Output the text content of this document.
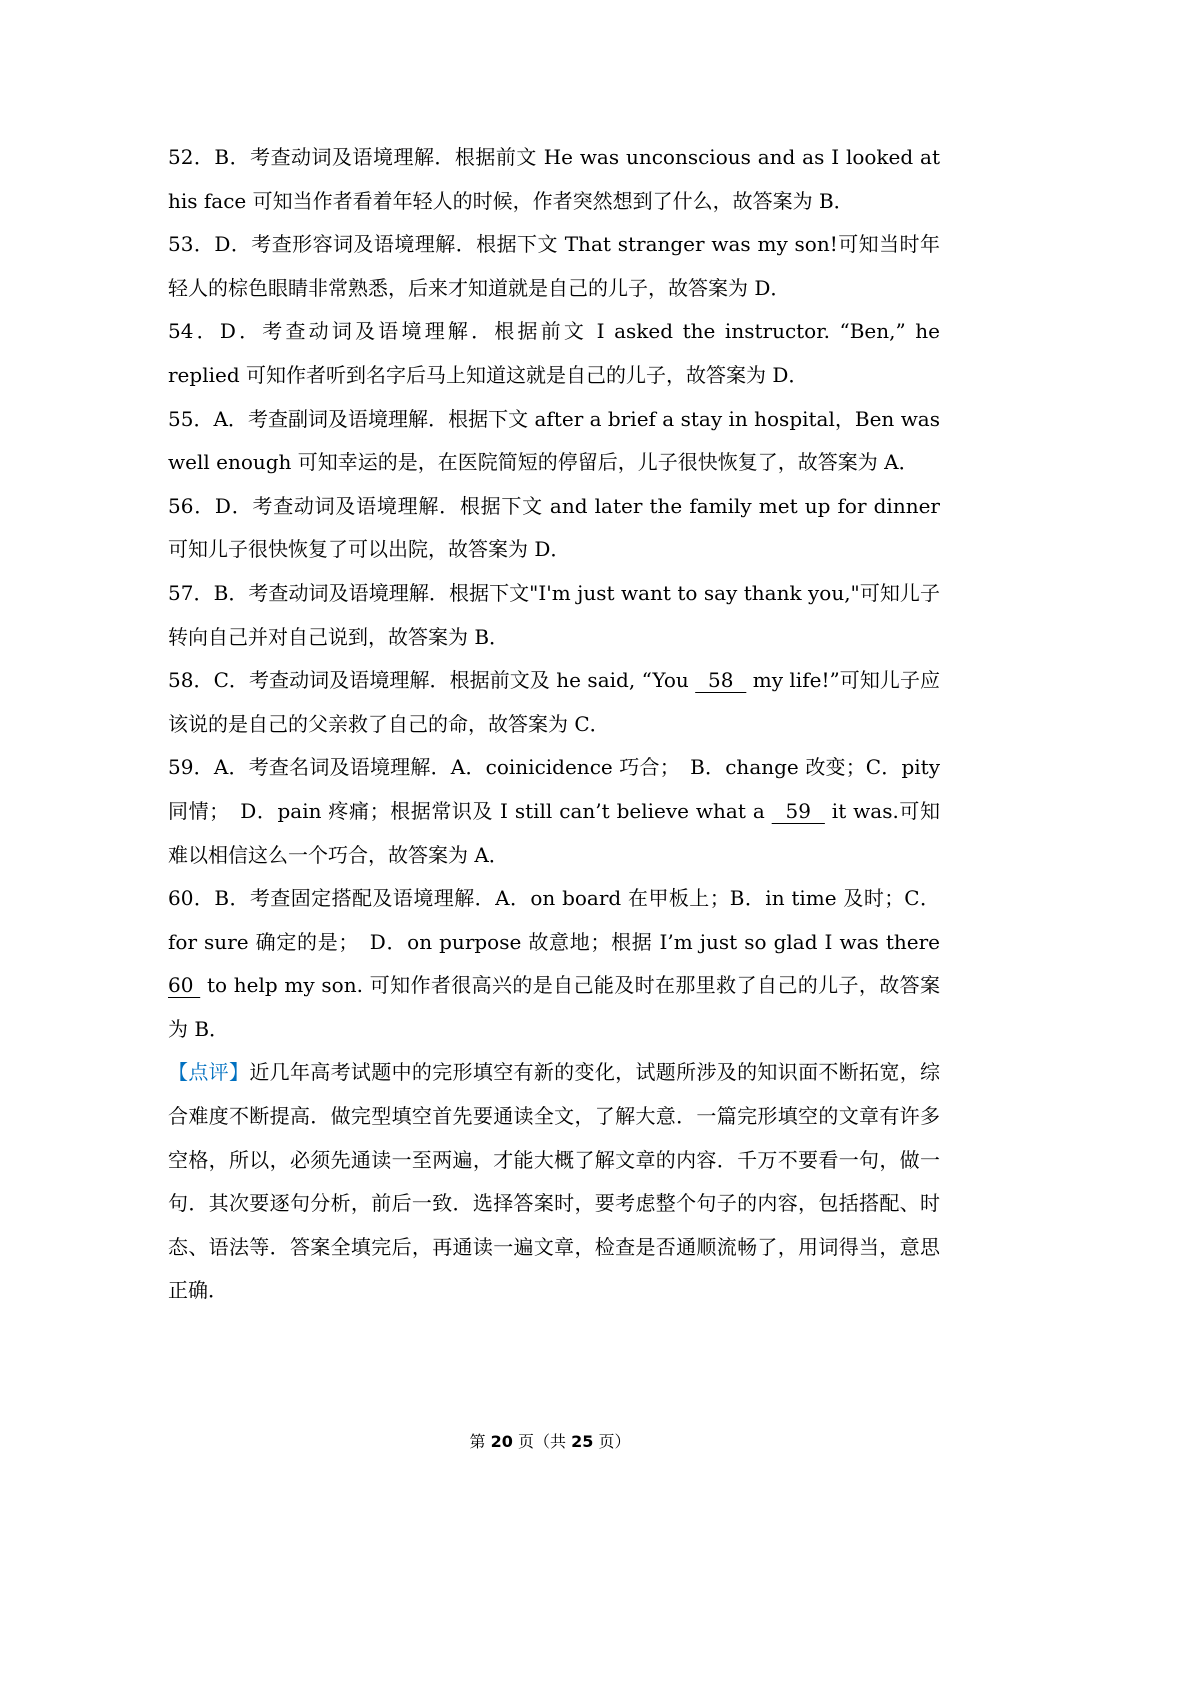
52．B．考查动词及语境理解．根据前文 He was unconscious and as I looked at his face 可知当作者看着年轻人的时候，作者突然想到了什么，故答案为 B．

53．D．考查形容词及语境理解．根据下文 That stranger was my son!可知当时年轻人的棕色眼睛非常熟悉，后来才知道就是自己的儿子，故答案为 D．

54．D．考查动词及语境理解．根据前文 I asked the instructor. “Ben,” he replied 可知作者听到名字后马上知道这就是自己的儿子，故答案为 D．

55．A．考查副词及语境理解．根据下文 after a brief a stay in hospital，Ben was well enough 可知幸运的是，在医院简短的停留后，儿子很快恢复了，故答案为 A．

56．D．考查动词及语境理解．根据下文 and later the family met up for dinner 可知儿子很快恢复了可以出院，故答案为 D．

57．B．考查动词及语境理解．根据下文"I'm just want to say thank you,"可知儿子转向自己并对自己说到，故答案为 B．

58．C．考查动词及语境理解．根据前文及 he said, “You   58   my life!”可知儿子应该说的是自己的父亲救了自己的命，故答案为 C．

59．A．考查名词及语境理解．A．coinicidence 巧合；　B．change 改变；C．pity 同情；　D．pain 疼痛；根据常识及 I still can’t believe what a   59   it was.可知难以相信这么一个巧合，故答案为 A．

60．B．考查固定搭配及语境理解．A．on board 在甲板上；B．in time 及时；C．for sure 确定的是；　D．on purpose 故意地；根据 I’m just so glad I was there 60  to help my son. 可知作者很高兴的是自己能及时在那里救了自己的儿子，故答案为 B．

【点评】近几年高考试题中的完形填空有新的变化，试题所涉及的知识面不断拓宽，综合难度不断提高．做完型填空首先要通读全文，了解大意．一篇完形填空的文章有许多空格，所以，必须先通读一至两遍，才能大概了解文章的内容．千万不要看一句，做一句．其次要逐句分析，前后一致．选择答案时，要考虑整个句子的内容，包括搭配、时态、语法等．答案全填完后，再通读一遍文章，检查是否通顺流畅了，用词得当，意思正确．

第 20 页（共 25 页）
